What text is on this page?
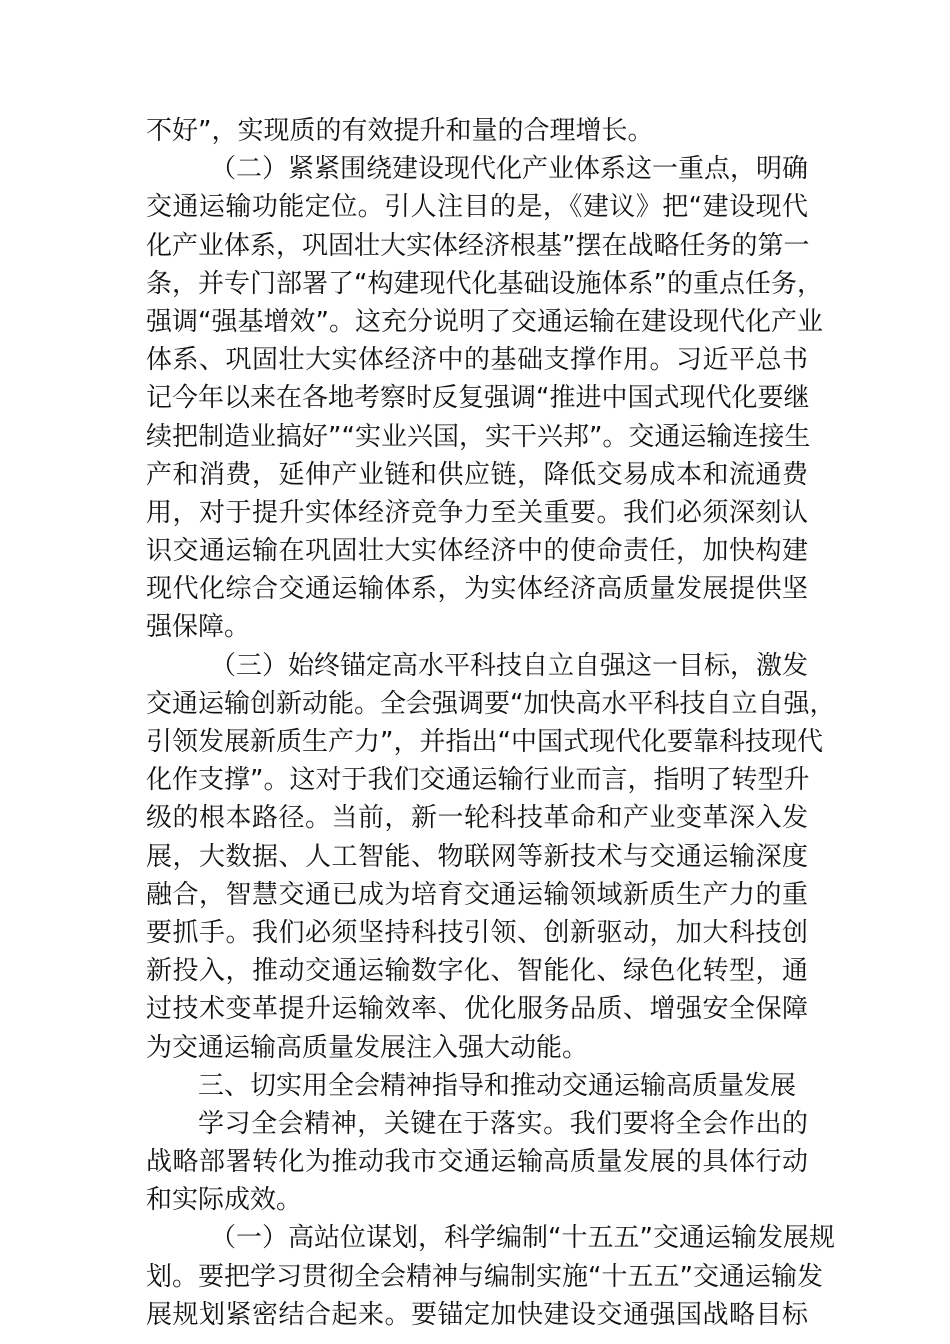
不好”，实现质的有效提升和量的合理增长。
（二）紧紧围绕建设现代化产业体系这一重点，明确
交通运输功能定位。引人注目的是，《建议》把“建设现代
化产业体系，巩固壮大实体经济根基”摆在战略任务的第一
条，并专门部署了“构建现代化基础设施体系”的重点任务，
强调“强基增效”。这充分说明了交通运输在建设现代化产业
体系、巩固壮大实体经济中的基础支撑作用。习近平总书
记今年以来在各地考察时反复强调“推进中国式现代化要继
续把制造业搞好”“实业兴国，实干兴邦”。交通运输连接生
产和消费，延伸产业链和供应链，降低交易成本和流通费
用，对于提升实体经济竞争力至关重要。我们必须深刻认
识交通运输在巩固壮大实体经济中的使命责任，加快构建
现代化综合交通运输体系，为实体经济高质量发展提供坚
强保障。
（三）始终锚定高水平科技自立自强这一目标，激发
交通运输创新动能。全会强调要“加快高水平科技自立自强，
引领发展新质生产力”，并指出“中国式现代化要靠科技现代
化作支撑”。这对于我们交通运输行业而言，指明了转型升
级的根本路径。当前，新一轮科技革命和产业变革深入发
展，大数据、人工智能、物联网等新技术与交通运输深度
融合，智慧交通已成为培育交通运输领域新质生产力的重
要抓手。我们必须坚持科技引领、创新驱动，加大科技创
新投入，推动交通运输数字化、智能化、绿色化转型，通
过技术变革提升运输效率、优化服务品质、增强安全保障
为交通运输高质量发展注入强大动能。
三、切实用全会精神指导和推动交通运输高质量发展
学习全会精神，关键在于落实。我们要将全会作出的
战略部署转化为推动我市交通运输高质量发展的具体行动
和实际成效。
（一）高站位谋划，科学编制“十五五”交通运输发展规
划。要把学习贯彻全会精神与编制实施“十五五”交通运输发
展规划紧密结合起来。要锚定加快建设交通强国战略目标
